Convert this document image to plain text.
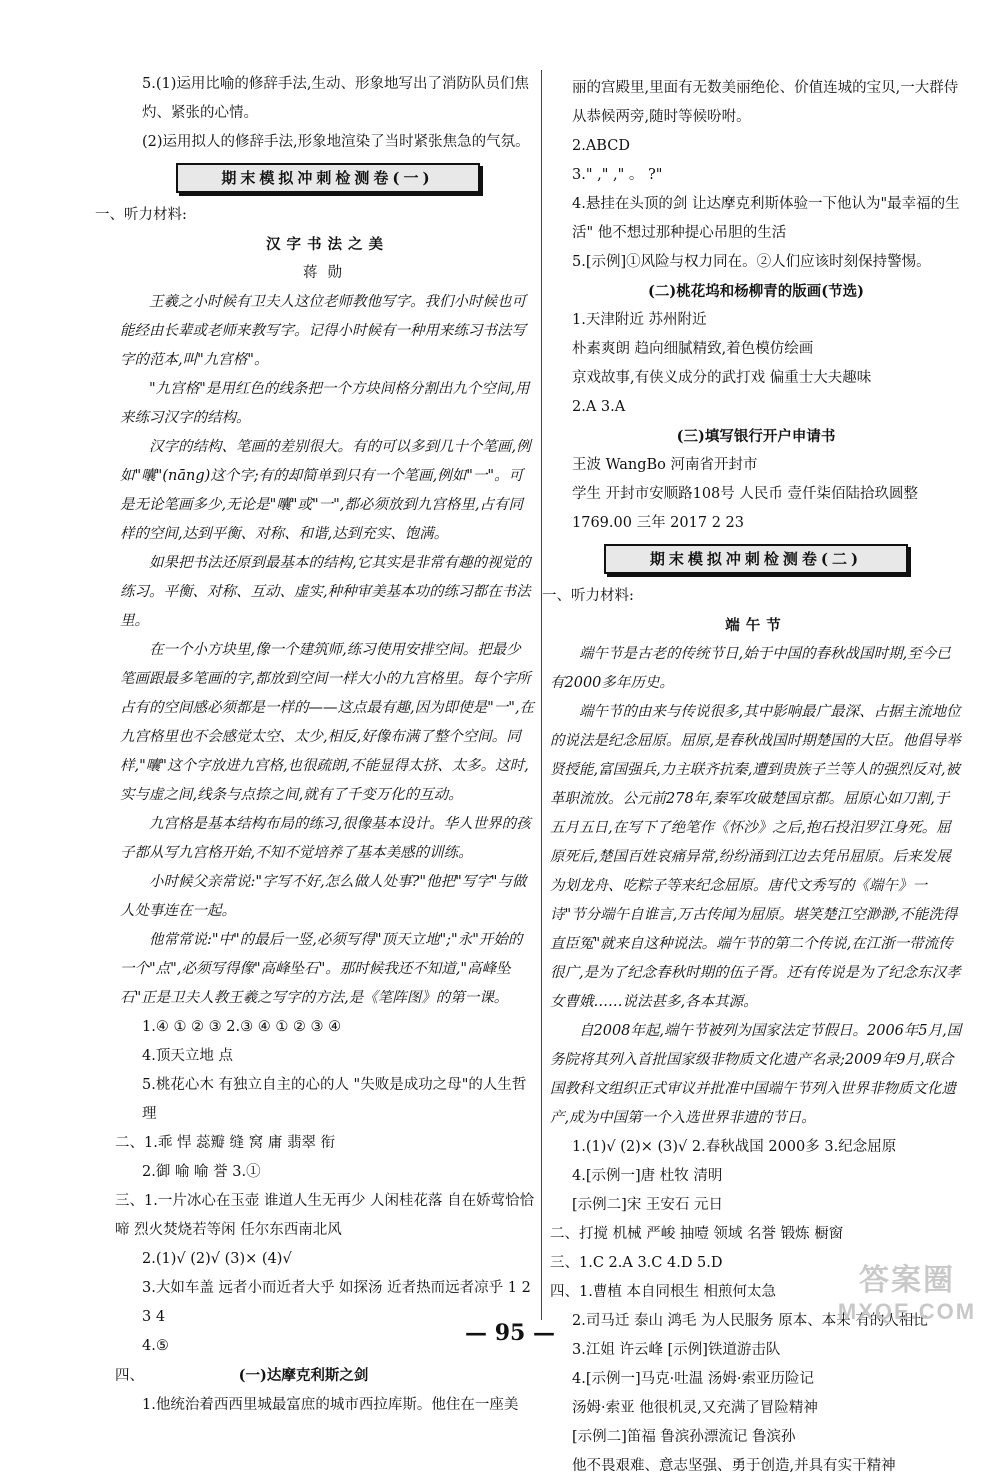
5.(1)运用比喻的修辞手法,生动、形象地写出了消防队员们焦灼、紧张的心情。

(2)运用拟人的修辞手法,形象地渲染了当时紧张焦急的气氛。

期末模拟冲刺检测卷(一)

一、听力材料:

汉字书法之美

蒋勋

王羲之小时候有卫夫人这位老师教他写字。我们小时候也可能经由长辈或老师来教写字。记得小时候有一种用来练习书法写字的范本,叫"九宫格"。

"九宫格"是用红色的线条把一个方块间格分割出九个空间,用来练习汉字的结构。

汉字的结构、笔画的差别很大。有的可以多到几十个笔画,例如"囔"(nāng)这个字;有的却简单到只有一个笔画,例如"一"。可是无论笔画多少,无论是"囔"或"一",都必须放到九宫格里,占有同样的空间,达到平衡、对称、和谐,达到充实、饱满。

如果把书法还原到最基本的结构,它其实是非常有趣的视觉的练习。平衡、对称、互动、虚实,种种审美基本功的练习都在书法里。

在一个小方块里,像一个建筑师,练习使用安排空间。把最少笔画跟最多笔画的字,都放到空间一样大小的九宫格里。每个字所占有的空间感必须都是一样的——这点最有趣,因为即使是"一",在九宫格里也不会感觉太空、太少,相反,好像布满了整个空间。同样,"囔"这个字放进九宫格,也很疏朗,不能显得太挤、太多。这时,实与虚之间,线条与点捺之间,就有了千变万化的互动。

九宫格是基本结构布局的练习,很像基本设计。华人世界的孩子都从写九宫格开始,不知不觉培养了基本美感的训练。

小时候父亲常说:"字写不好,怎么做人处事?"他把"写字"与做人处事连在一起。

他常常说:"中"的最后一竖,必须写得"顶天立地";"永"开始的一个"点",必须写得像"高峰坠石"。那时候我还不知道,"高峰坠石"正是卫夫人教王羲之写字的方法,是《笔阵图》的第一课。

1.④ ① ② ③ 2.③ ④ ① ② ③ ④

4.顶天立地 点

5.桃花心木 有独立自主的心的人 "失败是成功之母"的人生哲理

二、1.乖 悍 蕊瓣 缝 窝 庸 翡翠 衔

2.御 喻 喻 誉 3.①

三、1.一片冰心在玉壶 谁道人生无再少 人闲桂花落 自在娇莺恰恰啼 烈火焚烧若等闲 任尔东西南北风

2.(1)√ (2)√ (3)× (4)√

3.大如车盖 远者小而近者大乎 如探汤 近者热而远者凉乎 1 2 3 4

4.⑤

四、	(一)达摩克利斯之剑

1.他统治着西西里城最富庶的城市西拉库斯。他住在一座美

丽的宫殿里,里面有无数美丽绝伦、价值连城的宝贝,一大群侍从恭候两旁,随时等候吩咐。

2.ABCD

3." ," ," 。 ?"

4.悬挂在头顶的剑 让达摩克利斯体验一下他认为"最幸福的生活" 他不想过那种提心吊胆的生活

5.[示例]①风险与权力同在。②人们应该时刻保持警惕。

(二)桃花坞和杨柳青的版画(节选)

1.天津附近 苏州附近

朴素爽朗 趋向细腻精致,着色模仿绘画

京戏故事,有侠义成分的武打戏 偏重士大夫趣味

2.A 3.A

(三)填写银行开户申请书

王波 WangBo 河南省开封市

学生 开封市安顺路108号 人民币 壹仟柒佰陆拾玖圆整

1769.00 三年 2017 2 23

期末模拟冲刺检测卷(二)

一、听力材料:

端午节

端午节是古老的传统节日,始于中国的春秋战国时期,至今已有2000多年历史。

端午节的由来与传说很多,其中影响最广最深、占据主流地位的说法是纪念屈原。屈原,是春秋战国时期楚国的大臣。他倡导举贤授能,富国强兵,力主联齐抗秦,遭到贵族子兰等人的强烈反对,被革职流放。公元前278年,秦军攻破楚国京都。屈原心如刀割,于五月五日,在写下了绝笔作《怀沙》之后,抱石投汨罗江身死。屈原死后,楚国百姓哀痛异常,纷纷涌到江边去凭吊屈原。后来发展为划龙舟、吃粽子等来纪念屈原。唐代文秀写的《端午》一诗"节分端午自谁言,万古传闻为屈原。堪笑楚江空渺渺,不能洗得直臣冤"就来自这种说法。端午节的第二个传说,在江浙一带流传很广,是为了纪念春秋时期的伍子胥。还有传说是为了纪念东汉孝女曹娥……说法甚多,各本其源。

自2008年起,端午节被列为国家法定节假日。2006年5月,国务院将其列入首批国家级非物质文化遗产名录;2009年9月,联合国教科文组织正式审议并批准中国端午节列入世界非物质文化遗产,成为中国第一个入选世界非遗的节日。

1.(1)√ (2)× (3)√ 2.春秋战国 2000多 3.纪念屈原

4.[示例一]唐 杜牧 清明

[示例二]宋 王安石 元日

二、打搅 机械 严峻 抽噎 领域 名誉 锻炼 橱窗

三、1.C 2.A 3.C 4.D 5.D

四、1.曹植 本自同根生 相煎何太急

2.司马迁 泰山 鸿毛 为人民服务 原本、本来 有的人相比

3.江姐 许云峰 [示例]铁道游击队

4.[示例一]马克·吐温 汤姆·索亚历险记

汤姆·索亚 他很机灵,又充满了冒险精神

[示例二]笛福 鲁滨孙漂流记 鲁滨孙

他不畏艰难、意志坚强、勇于创造,并具有实干精神

— 95 —
答案圈
MXQE.COM
